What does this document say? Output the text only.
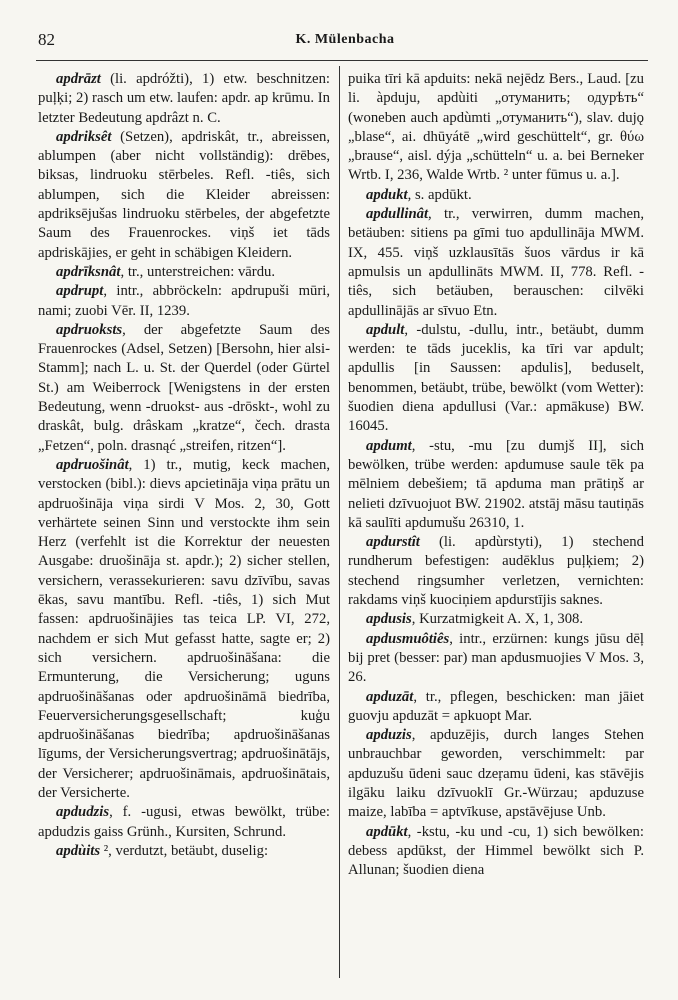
82	K. Mülenbacha
apdrāzt (li. apdróžti), 1) etw. beschnitzen: puļķi; 2) rasch um etw. laufen: apdr. ap krūmu. In letzter Bedeutung apdrâzt n. C.
apdriksêt (Setzen), apdriskât, tr., abreissen, ablumpen (aber nicht vollständig): drēbes, biksas, lindruoku stērbeles. Refl. -tiês, sich ablumpen, sich die Kleider abreissen: apdriksējušas lindruoku stērbeles, der abgefetzte Saum des Frauenrockes. viņš iet tāds apdriskājies, er geht in schäbigen Kleidern.
apdrīksnât, tr., unterstreichen: vārdu.
apdrupt, intr., abbröckeln: apdrupuši mūri, nami; zuobi Vēr. II, 1239.
apdruoksts, der abgefetzte Saum des Frauenrockes (Adsel, Setzen) [Bersohn, hier alsi-Stamm]; nach L. u. St. der Querdel (oder Gürtel St.) am Weiberrock [Wenigstens in der ersten Bedeutung, wenn -druokst- aus -drōskt-, wohl zu draskât, bulg. drâskam „kratze“, čech. drasta „Fetzen“, poln. drasnąć „streifen, ritzen“].
apdruošinât, 1) tr., mutig, keck machen, verstocken (bibl.): dievs apcietināja viņa prātu un apdruošināja viņa sirdi V Mos. 2, 30, Gott verhärtete seinen Sinn und verstockte ihm sein Herz (verfehlt ist die Korrektur der neuesten Ausgabe: druošināja st. apdr.); 2) sicher stellen, versichern, verassekurieren: savu dzīvību, savas ēkas, savu mantību. Refl. -tiês, 1) sich Mut fassen: apdruošinājies tas teica LP. VI, 272, nachdem er sich Mut gefasst hatte, sagte er; 2) sich versichern. apdruošināšana: die Ermunterung, die Versicherung; uguns apdruošināšanas oder apdruošināmā biedrība, Feuerversicherungsgesellschaft; kuģu apdruošināšanas biedrība; apdruošināšanas līgums, der Versicherungsvertrag; apdruošinātājs, der Versicherer; apdruošināmais, apdruošinātais, der Versicherte.
apdudzis, f. -ugusi, etwas bewölkt, trübe: apdudzis gaiss Grünh., Kursiten, Schrund.
apdùits ², verdutzt, betäubt, duselig:
puika tīri kā apduits: nekā nejēdz Bers., Laud. [zu li. àpduju, apdùiti „отуманить; одурѣть“ (woneben auch apdùmti „отуманить“), slav. dujǫ „blase“, ai. dhūyátē „wird geschüttelt“, gr. θύω „brause“, aisl. dýja „schütteln“ u. a. bei Berneker Wrtb. I, 236, Walde Wrtb. ² unter fūmus u. a.].
apdukt, s. apdūkt.
apdullinât, tr., verwirren, dumm machen, betäuben: sitiens pa gīmi tuo apdullināja MWM. IX, 455. viņš uzklausītās šuos vārdus ir kā apmulsis un apdullināts MWM. II, 778. Refl. -tiês, sich betäuben, berauschen: cilvēki apdullinājās ar sīvuo Etn.
apdult, -dulstu, -dullu, intr., betäubt, dumm werden: te tāds juceklis, ka tīri var apdult; apdullis [in Saussen: apdulis], beduselt, benommen, betäubt, trübe, bewölkt (vom Wetter): šuodien diena apdullusi (Var.: apmākuse) BW. 16045.
apdumt, -stu, -mu [zu dumjš II], sich bewölken, trübe werden: apdumuse saule tēk pa mēlniem debešiem; tā apduma man prātiņš ar nelieti dzīvuojuot BW. 21902. atstāj māsu tautiņās kā saulīti apdumušu 26310, 1.
apdurstît (li. apdùrstyti), 1) stechend rundherum befestigen: audēklus puļķiem; 2) stechend ringsumher verletzen, vernichten: rakdams viņš kuociņiem apdurstījis saknes.
apdusis, Kurzatmigkeit A. X, 1, 308.
apdusmuôtiês, intr., erzürnen: kungs jūsu dēļ bij pret (besser: par) man apdusmuojies V Mos. 3, 26.
apduzāt, tr., pflegen, beschicken: man jāiet guovju apduzāt = apkuopt Mar.
apduzis, apduzējis, durch langes Stehen unbrauchbar geworden, verschimmelt: par apduzušu ūdeni sauc dzeŗamu ūdeni, kas stāvējis ilgāku laiku dzīvuoklī Gr.-Würzau; apduzuse maize, labība = aptvīkuse, apstāvējuse Unb.
apdūkt, -kstu, -ku und -cu, 1) sich bewölken: debess apdūkst, der Himmel bewölkt sich P. Allunan; šuodien diena
